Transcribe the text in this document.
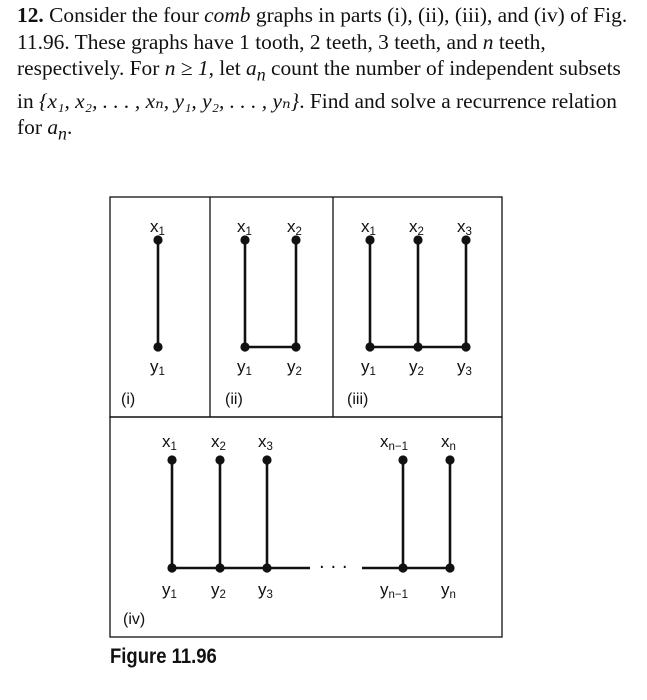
12. Consider the four comb graphs in parts (i), (ii), (iii), and (iv) of Fig. 11.96. These graphs have 1 tooth, 2 teeth, 3 teeth, and n teeth, respectively. For n ≥ 1, let $a_n$ count the number of independent subsets in {x₁, x₂, . . . , xₙ, y₁, y₂, . . . , yₙ}. Find and solve a recurrence relation for $a_n$.

x1
y1
(i)
x1 x2
y1 y2
(ii)
x1 x2 x3
y1 y2 y3
(iii)
· · ·
x1 x2 x3	xn−1 xn
y1 y2 y3	yn−1 yn
(iv)
Figure 11.96
